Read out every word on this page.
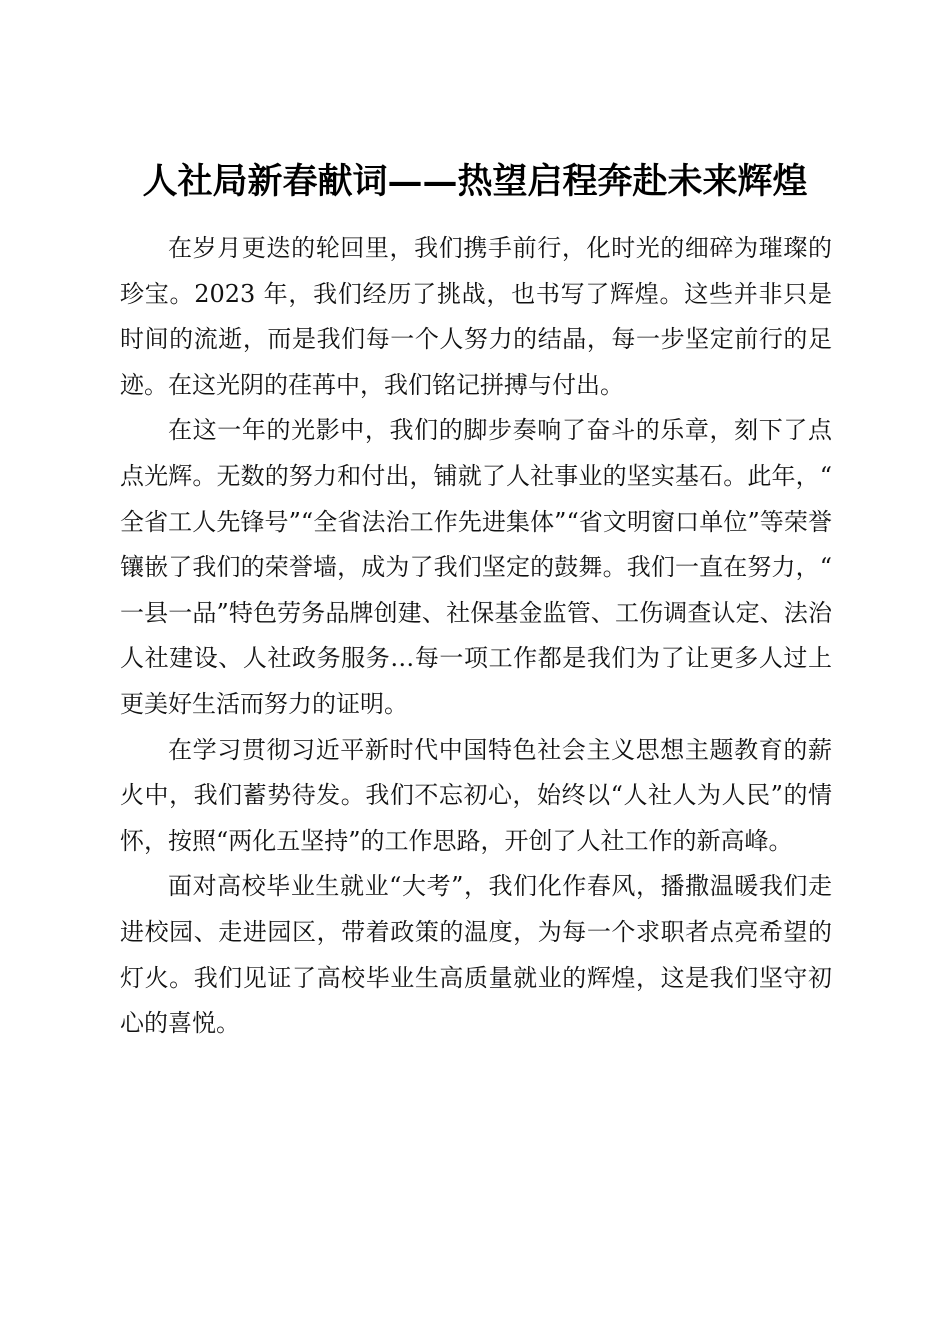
人社局新春献词——热望启程奔赴未来辉煌

在岁月更迭的轮回里，我们携手前行，化时光的细碎为璀璨的珍宝。2023 年，我们经历了挑战，也书写了辉煌。这些并非只是时间的流逝，而是我们每一个人努力的结晶，每一步坚定前行的足迹。在这光阴的荏苒中，我们铭记拼搏与付出。

在这一年的光影中，我们的脚步奏响了奋斗的乐章，刻下了点点光辉。无数的努力和付出，铺就了人社事业的坚实基石。此年，“全省工人先锋号”“全省法治工作先进集体”“省文明窗口单位”等荣誉镶嵌了我们的荣誉墙，成为了我们坚定的鼓舞。我们一直在努力，“一县一品”特色劳务品牌创建、社保基金监管、工伤调查认定、法治人社建设、人社政务服务…每一项工作都是我们为了让更多人过上更美好生活而努力的证明。

在学习贯彻习近平新时代中国特色社会主义思想主题教育的薪火中，我们蓄势待发。我们不忘初心，始终以“人社人为人民”的情怀，按照“两化五坚持”的工作思路，开创了人社工作的新高峰。

面对高校毕业生就业“大考”，我们化作春风，播撒温暖我们走进校园、走进园区，带着政策的温度，为每一个求职者点亮希望的灯火。我们见证了高校毕业生高质量就业的辉煌，这是我们坚守初心的喜悦。
